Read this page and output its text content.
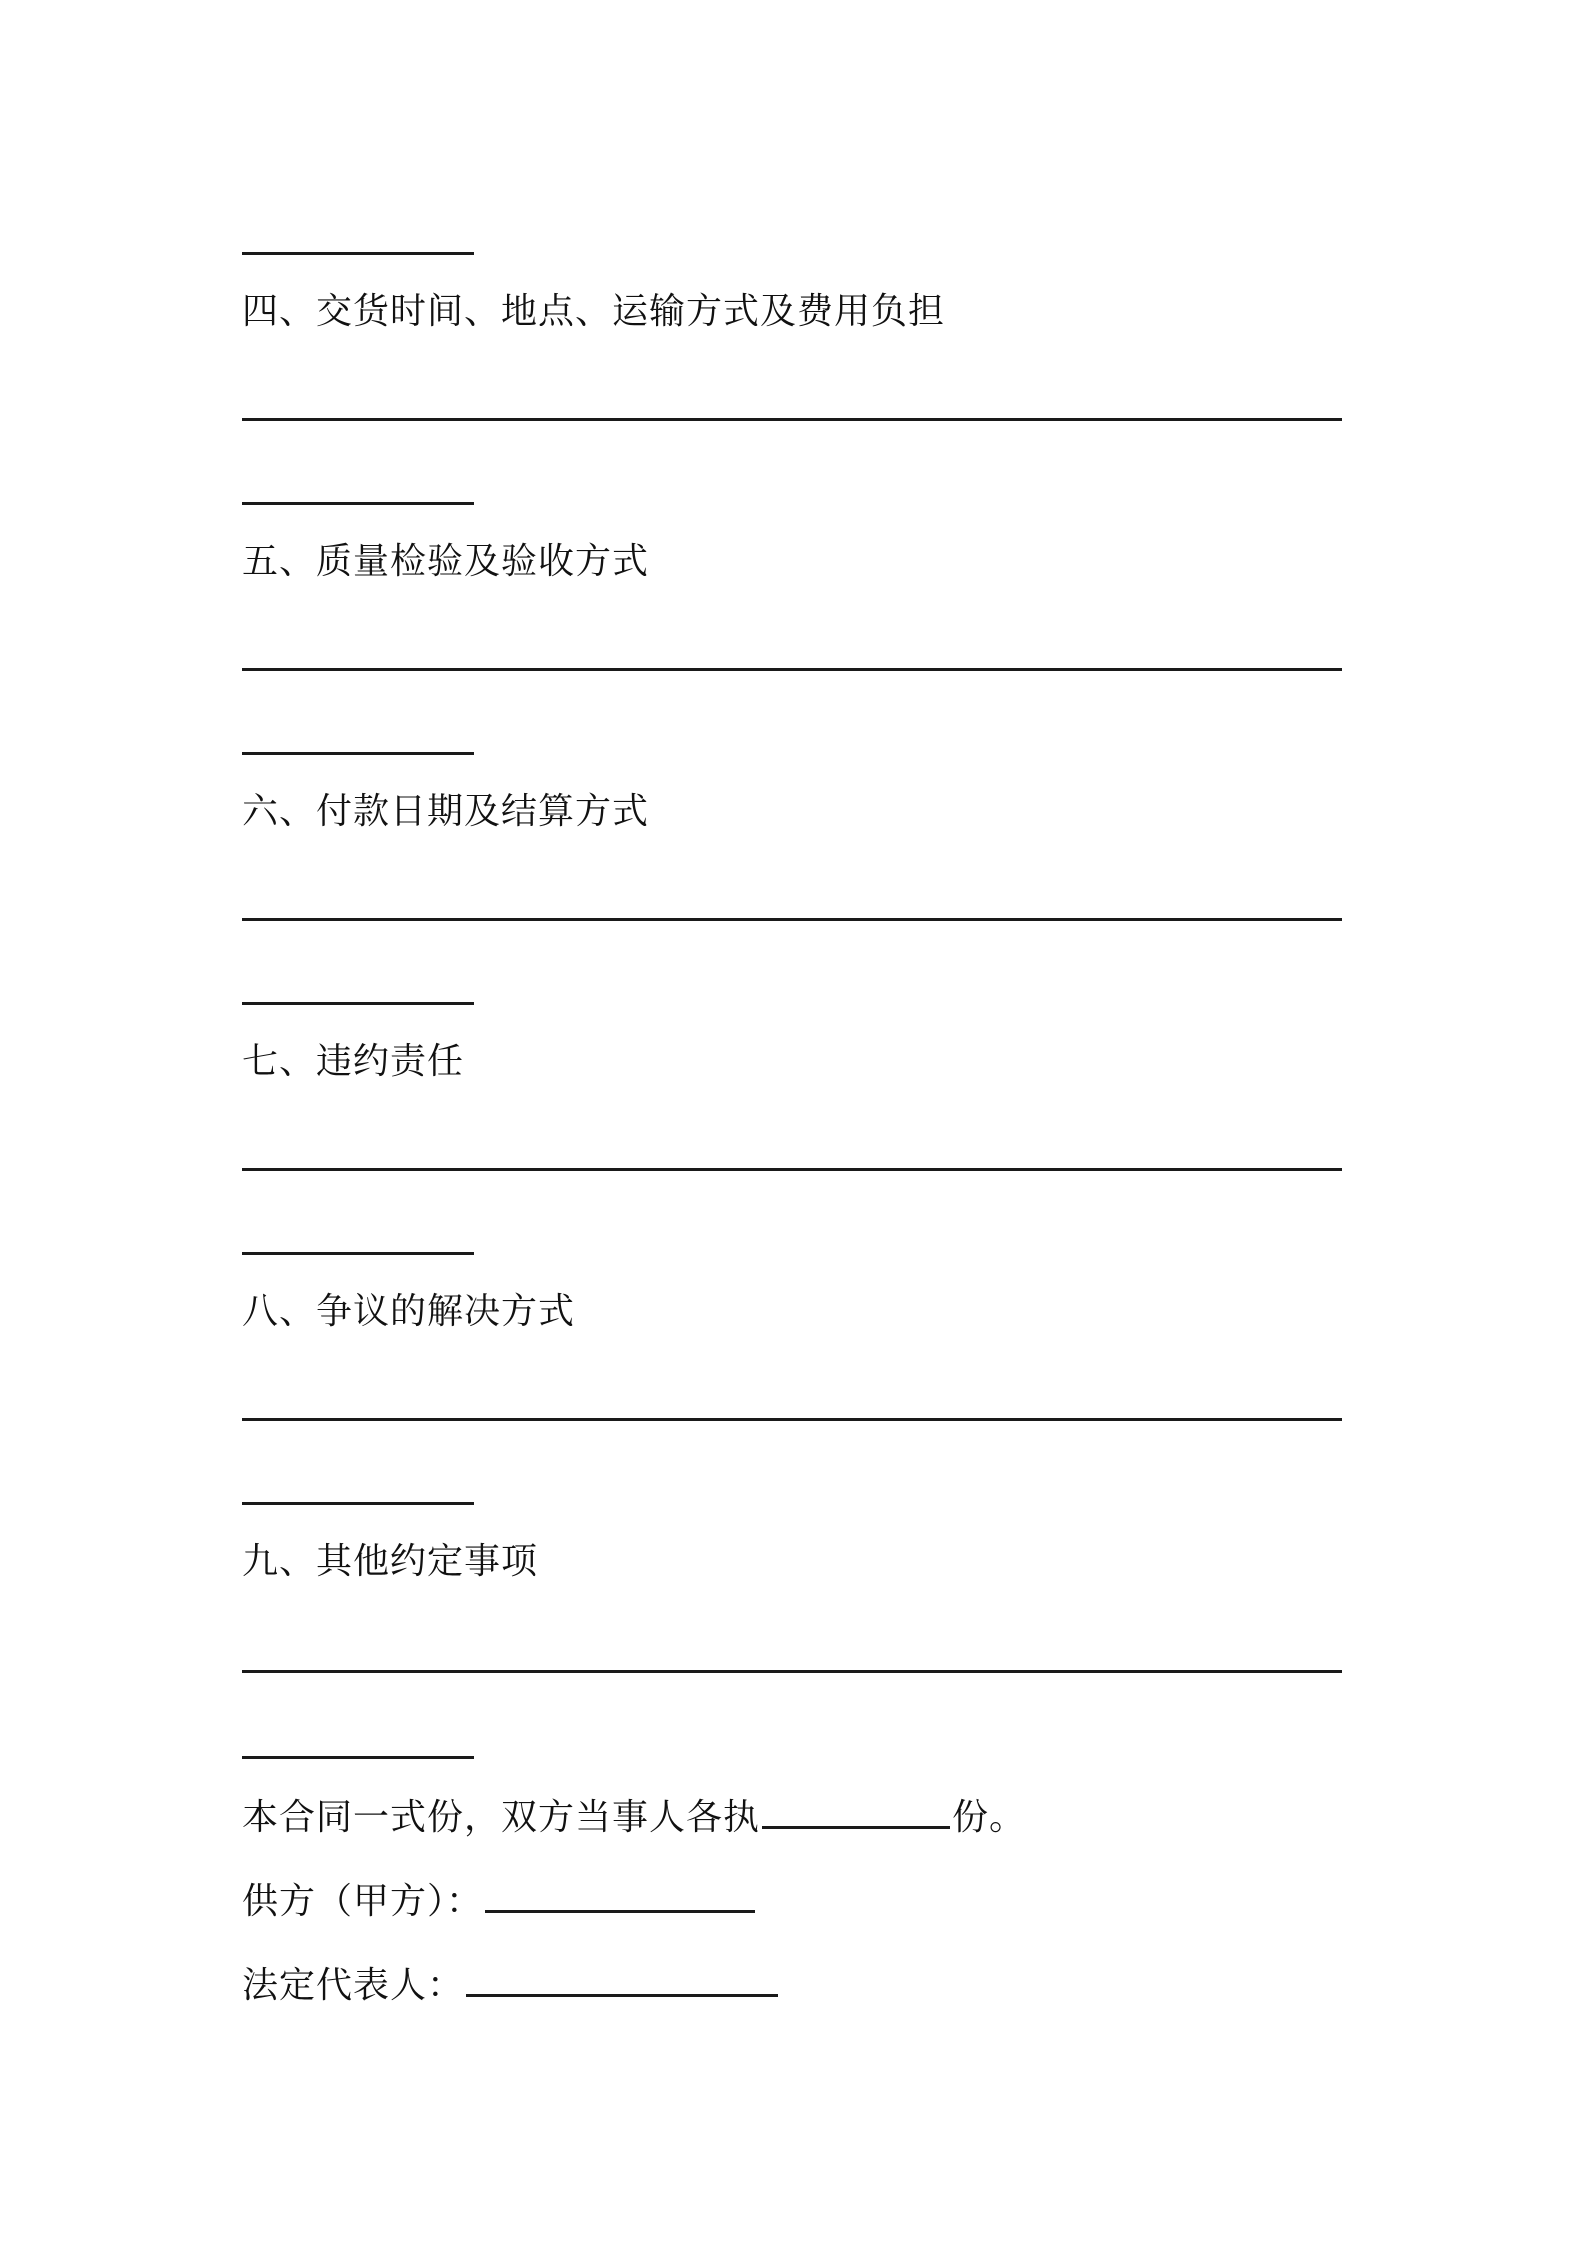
四、交货时间、地点、运输方式及费用负担
五、质量检验及验收方式
六、付款日期及结算方式
七、违约责任
八、争议的解决方式
九、其他约定事项
本合同一式份，双方当事人各执	份。
供方（甲方）：
法定代表人：
